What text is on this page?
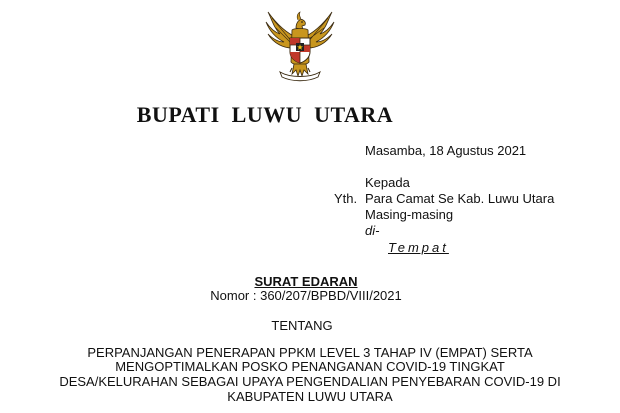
BUPATI LUWU UTARA
Masamba, 18 Agustus 2021
Kepada
Yth. Para Camat Se Kab. Luwu Utara
Masing-masing
di-
Tempat
SURAT EDARAN
Nomor : 360/207/BPBD/VIII/2021
TENTANG
PERPANJANGAN PENERAPAN PPKM LEVEL 3 TAHAP IV (EMPAT) SERTA
MENGOPTIMALKAN POSKO PENANGANAN COVID-19 TINGKAT
DESA/KELURAHAN SEBAGAI UPAYA PENGENDALIAN PENYEBARAN COVID-19 DI
KABUPATEN LUWU UTARA
